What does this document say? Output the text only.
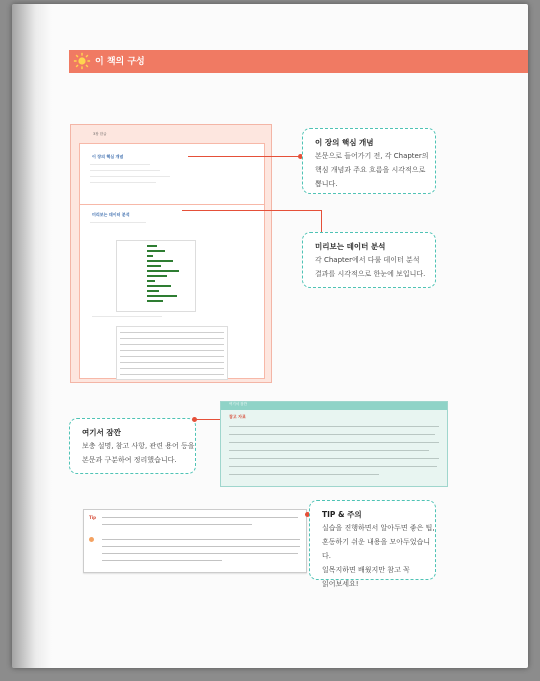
이 책의 구성
3장 한글
이 장의 핵심 개념
미리보는 데이터 분석
이 장의 핵심 개념
본문으로 들어가기 전, 각 Chapter의
핵심 개념과 주요 흐름을 시각적으로
뽑니다.
미리보는 데이터 분석
각 Chapter에서 다룰 데이터 분석
결과를 시각적으로 한눈에 보입니다.
여기서 잠깐
보충 설명, 참고 사항, 관련 용어 등을
본문과 구분하여 정리했습니다.
여기서 잠깐
참고 자료
Tip	TIP & 주의
실습을 진행하면서 알아두면 좋은 팁,
혼동하기 쉬운 내용을 모아두었습니다.
일목지하면 배웠지만 참고 꼭
읽어보세요!
